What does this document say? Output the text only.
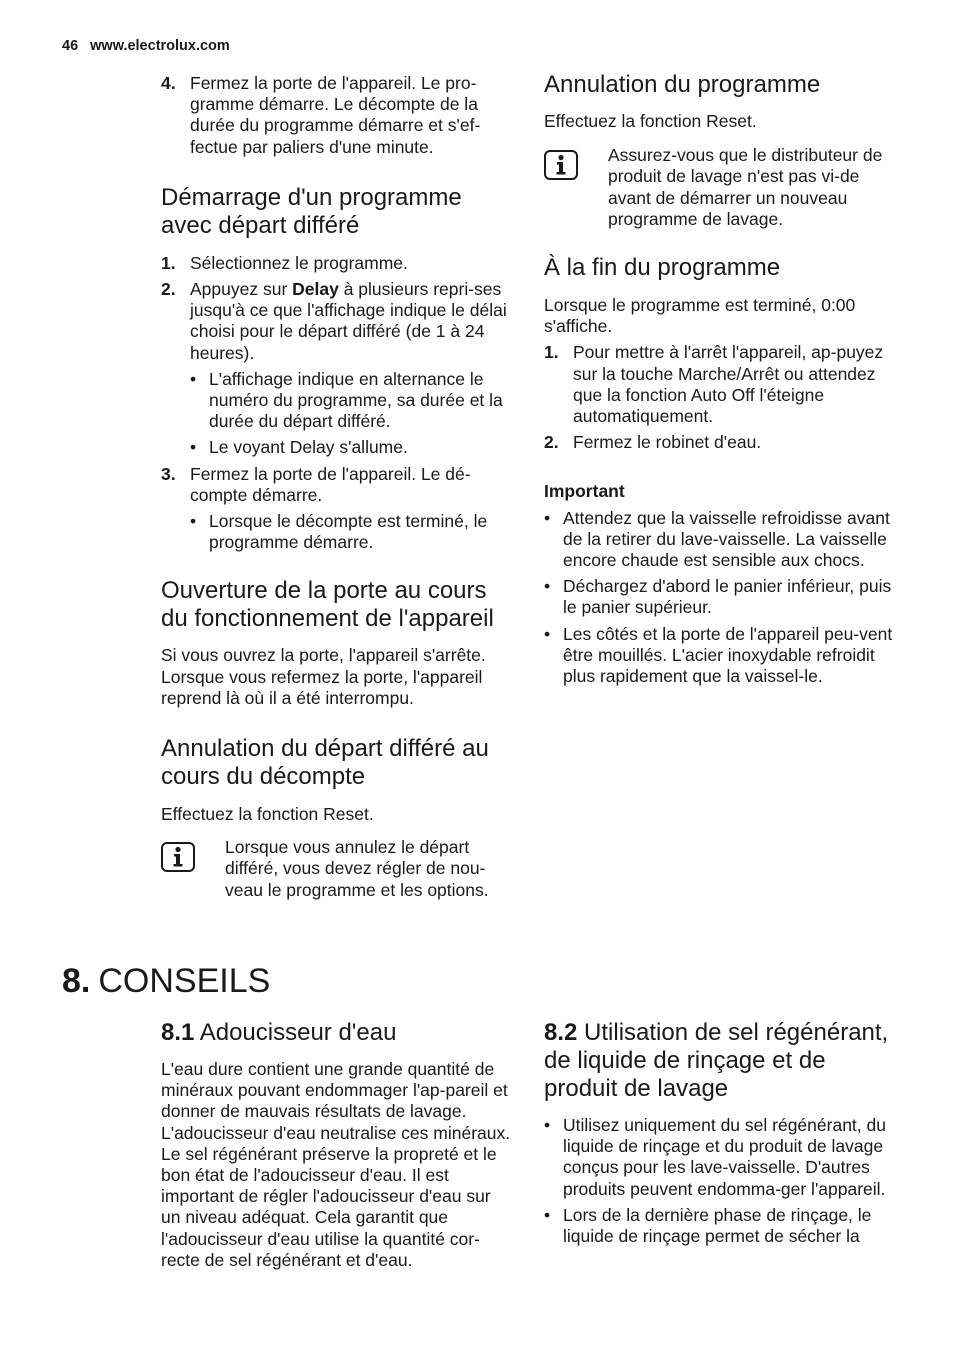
46 www.electrolux.com
4. Fermez la porte de l'appareil. Le pro-gramme démarre. Le décompte de la durée du programme démarre et s'ef-fectue par paliers d'une minute.
Démarrage d'un programme avec départ différé
1. Sélectionnez le programme.
2. Appuyez sur Delay à plusieurs repri-ses jusqu'à ce que l'affichage indique le délai choisi pour le départ différé (de 1 à 24 heures).
• L'affichage indique en alternance le numéro du programme, sa durée et la durée du départ différé.
• Le voyant Delay s'allume.
3. Fermez la porte de l'appareil. Le dé-compte démarre.
• Lorsque le décompte est terminé, le programme démarre.
Ouverture de la porte au cours du fonctionnement de l'appareil

Si vous ouvrez la porte, l'appareil s'arrête. Lorsque vous refermez la porte, l'appareil reprend là où il a été interrompu.

Annulation du départ différé au cours du décompte

Effectuez la fonction Reset.

Lorsque vous annulez le départ différé, vous devez régler de nou-veau le programme et les options.

Annulation du programme

Effectuez la fonction Reset.

Assurez-vous que le distributeur de produit de lavage n'est pas vi-de avant de démarrer un nouveau programme de lavage.

À la fin du programme

Lorsque le programme est terminé, 0:00 s'affiche.

1. Pour mettre à l'arrêt l'appareil, ap-puyez sur la touche Marche/Arrêt ou attendez que la fonction Auto Off l'éteigne automatiquement.
2. Fermez le robinet d'eau.

Important

• Attendez que la vaisselle refroidisse avant de la retirer du lave-vaisselle. La vaisselle encore chaude est sensible aux chocs.
• Déchargez d'abord le panier inférieur, puis le panier supérieur.
• Les côtés et la porte de l'appareil peu-vent être mouillés. L'acier inoxydable refroidit plus rapidement que la vaissel-le.
8. CONSEILS
8.1 Adoucisseur d'eau

L'eau dure contient une grande quantité de minéraux pouvant endommager l'ap-pareil et donner de mauvais résultats de lavage. L'adoucisseur d'eau neutralise ces minéraux.

Le sel régénérant préserve la propreté et le bon état de l'adoucisseur d'eau. Il est important de régler l'adoucisseur d'eau sur un niveau adéquat. Cela garantit que l'adoucisseur d'eau utilise la quantité cor-recte de sel régénérant et d'eau.

8.2 Utilisation de sel régénérant, de liquide de rinçage et de produit de lavage
• Utilisez uniquement du sel régénérant, du liquide de rinçage et du produit de lavage conçus pour les lave-vaisselle. D'autres produits peuvent endomma-ger l'appareil.
• Lors de la dernière phase de rinçage, le liquide de rinçage permet de sécher la
